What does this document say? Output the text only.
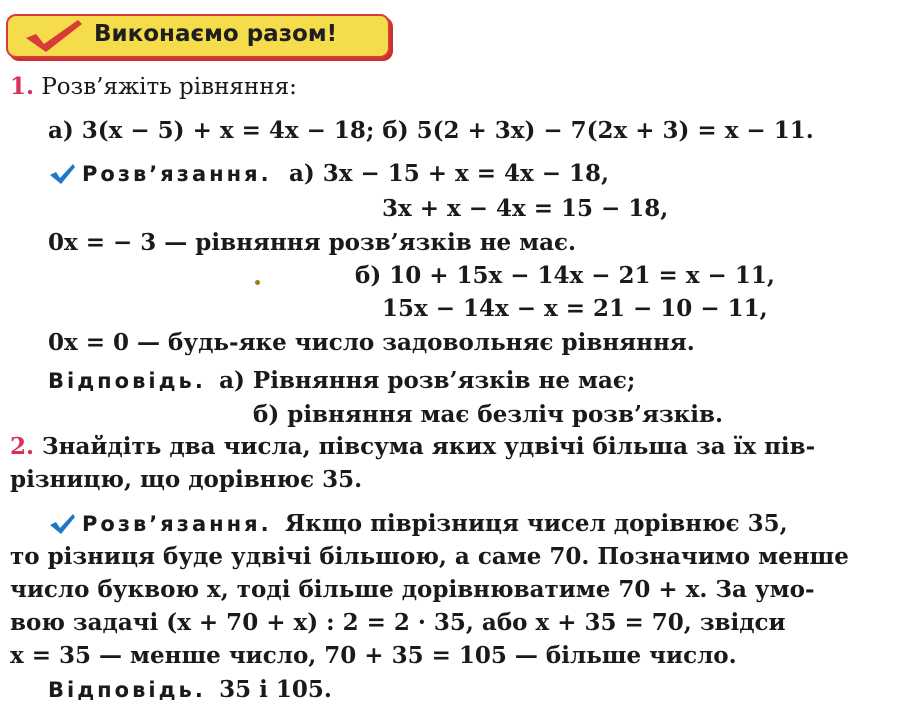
Виконаємо разом!
1. Розв’яжіть рівняння:
а) 3(x − 5) + x = 4x − 18; б) 5(2 + 3x) − 7(2x + 3) = x − 11.
Розв’язання. а) 3x − 15 + x = 4x − 18,
3x + x − 4x = 15 − 18,
0x = − 3 — рівняння розв’язків не має.
б) 10 + 15x − 14x − 21 = x − 11,
15x − 14x − x = 21 − 10 − 11,
0x = 0 — будь-яке число задовольняє рівняння.
Відповідь. а) Рівняння розв’язків не має;
б) рівняння має безліч розв’язків.
2. Знайдіть два числа, півсума яких удвічі більша за їх пів-
різницю, що дорівнює 35.
Розв’язання. Якщо піврізниця чисел дорівнює 35,
то різниця буде удвічі більшою, а саме 70. Позначимо менше
число буквою x, тоді більше дорівнюватиме 70 + x. За умо-
вою задачі (x + 70 + x) : 2 = 2 · 35, або x + 35 = 70, звідси
x = 35 — менше число, 70 + 35 = 105 — більше число.
Відповідь. 35 і 105.
